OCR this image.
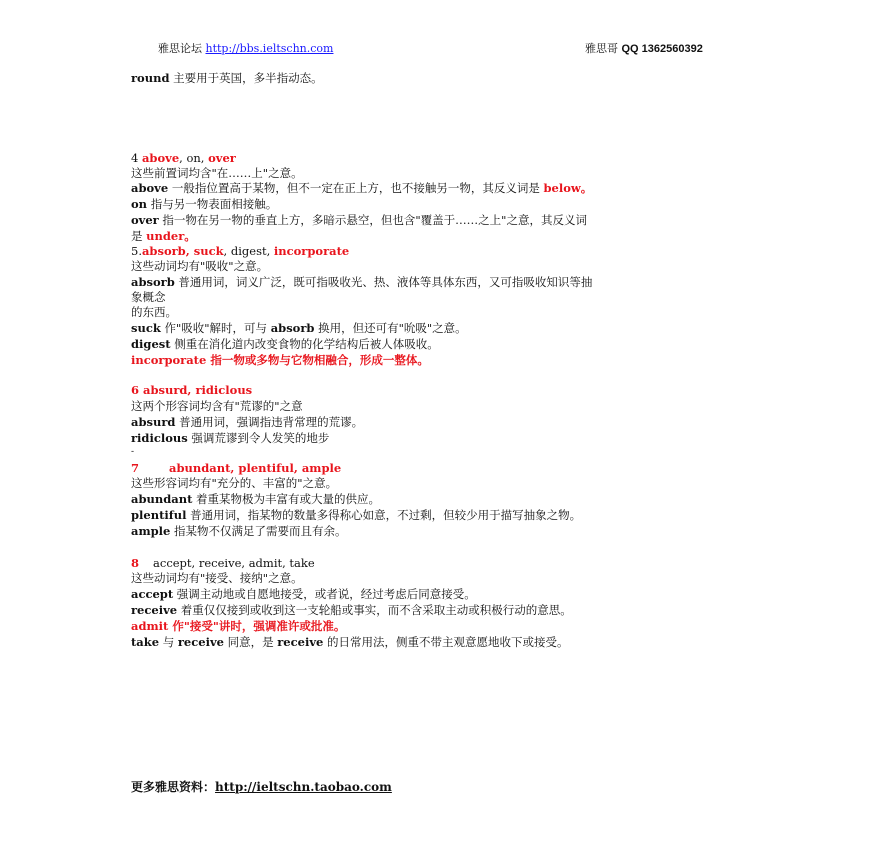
雅思论坛 http://bbs.ieltschn.com	雅思哥 QQ 1362560392
round 主要用于英国，多半指动态。
4 above, on, over
这些前置词均含"在……上"之意。
above 一般指位置高于某物，但不一定在正上方，也不接触另一物，其反义词是 below。
on 指与另一物表面相接触。
over 指一物在另一物的垂直上方，多暗示悬空，但也含"覆盖于……之上"之意，其反义词
是 under。
5.absorb, suck, digest, incorporate
这些动词均有"吸收"之意。
absorb 普通用词，词义广泛，既可指吸收光、热、液体等具体东西，又可指吸收知识等抽
象概念
的东西。
suck 作"吸收"解时，可与 absorb 换用，但还可有"吮吸"之意。
digest 侧重在消化道内改变食物的化学结构后被人体吸收。
incorporate 指一物或多物与它物相融合，形成一整体。
6 absurd, ridiclous
这两个形容词均含有"荒谬的"之意
absurd 普通用词，强调指违背常理的荒谬。
ridiclous 强调荒谬到令人发笑的地步
-
7	abundant, plentiful, ample
这些形容词均有"充分的、丰富的"之意。
abundant 着重某物极为丰富有或大量的供应。
plentiful 普通用词，指某物的数量多得称心如意，不过剩，但较少用于描写抽象之物。
ample 指某物不仅满足了需要而且有余。
8 accept, receive, admit, take
这些动词均有"接受、接纳"之意。
accept 强调主动地或自愿地接受，或者说，经过考虑后同意接受。
receive 着重仅仅接到或收到这一支轮船或事实，而不含采取主动或积极行动的意思。
admit 作"接受"讲时，强调准许或批准。
take 与 receive 同意，是 receive 的日常用法，侧重不带主观意愿地收下或接受。
更多雅思资料：http://ieltschn.taobao.com
